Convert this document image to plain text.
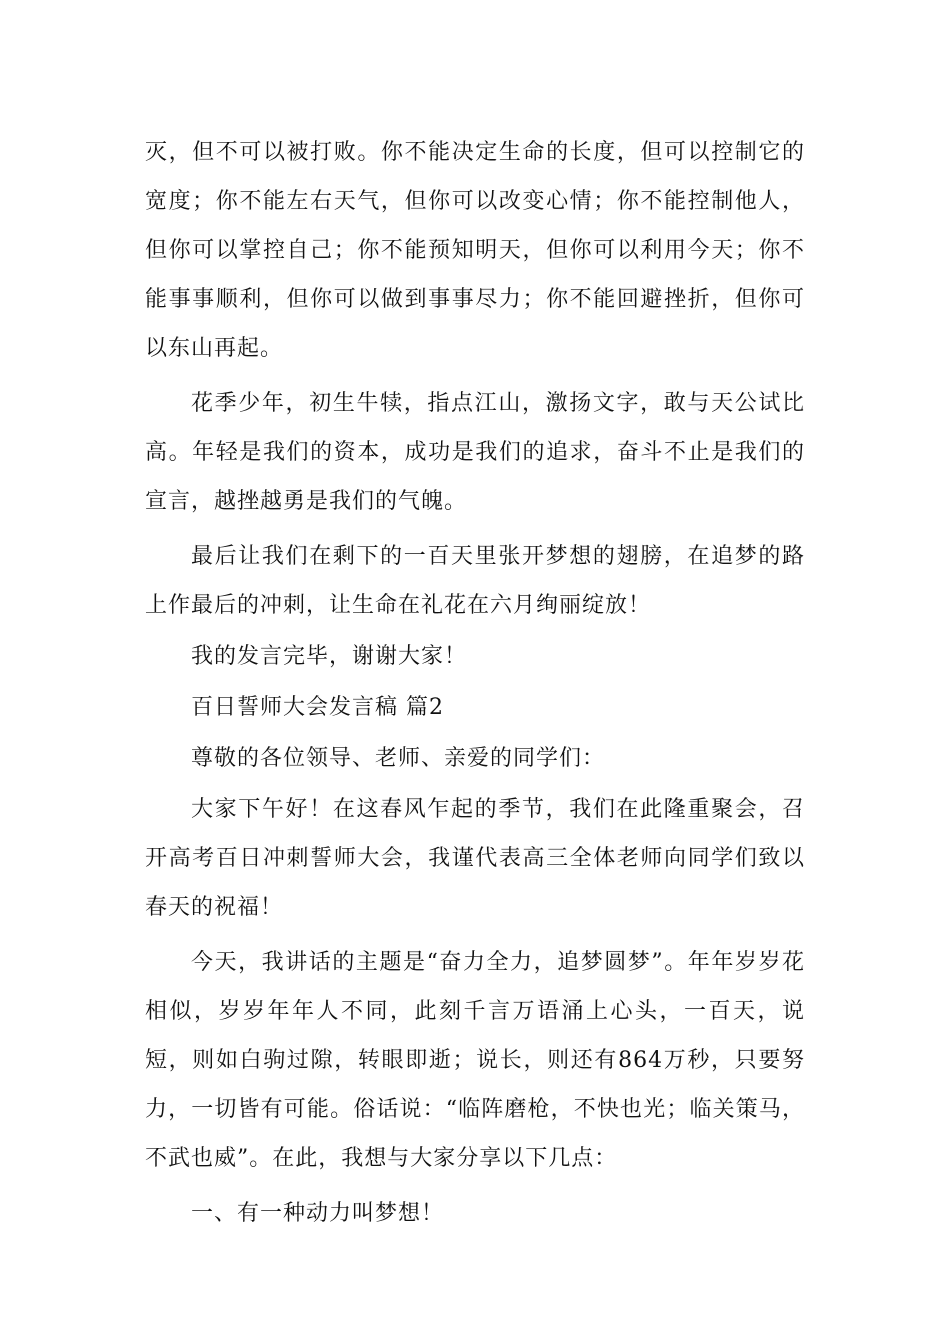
灭，但不可以被打败。你不能决定生命的长度，但可以控制它的宽度；你不能左右天气，但你可以改变心情；你不能控制他人，但你可以掌控自己；你不能预知明天，但你可以利用今天；你不能事事顺利，但你可以做到事事尽力；你不能回避挫折，但你可以东山再起。

花季少年，初生牛犊，指点江山，激扬文字，敢与天公试比高。年轻是我们的资本，成功是我们的追求，奋斗不止是我们的宣言，越挫越勇是我们的气魄。

最后让我们在剩下的一百天里张开梦想的翅膀，在追梦的路上作最后的冲刺，让生命在礼花在六月绚丽绽放！

我的发言完毕，谢谢大家！

百日誓师大会发言稿 篇2

尊敬的各位领导、老师、亲爱的同学们：

大家下午好！在这春风乍起的季节，我们在此隆重聚会，召开高考百日冲刺誓师大会，我谨代表高三全体老师向同学们致以春天的祝福！

今天，我讲话的主题是“奋力全力，追梦圆梦”。年年岁岁花相似，岁岁年年人不同，此刻千言万语涌上心头，一百天，说短，则如白驹过隙，转眼即逝；说长，则还有864万秒，只要努力，一切皆有可能。俗话说：“临阵磨枪，不快也光；临关策马，不武也威”。在此，我想与大家分享以下几点：

一、有一种动力叫梦想！
